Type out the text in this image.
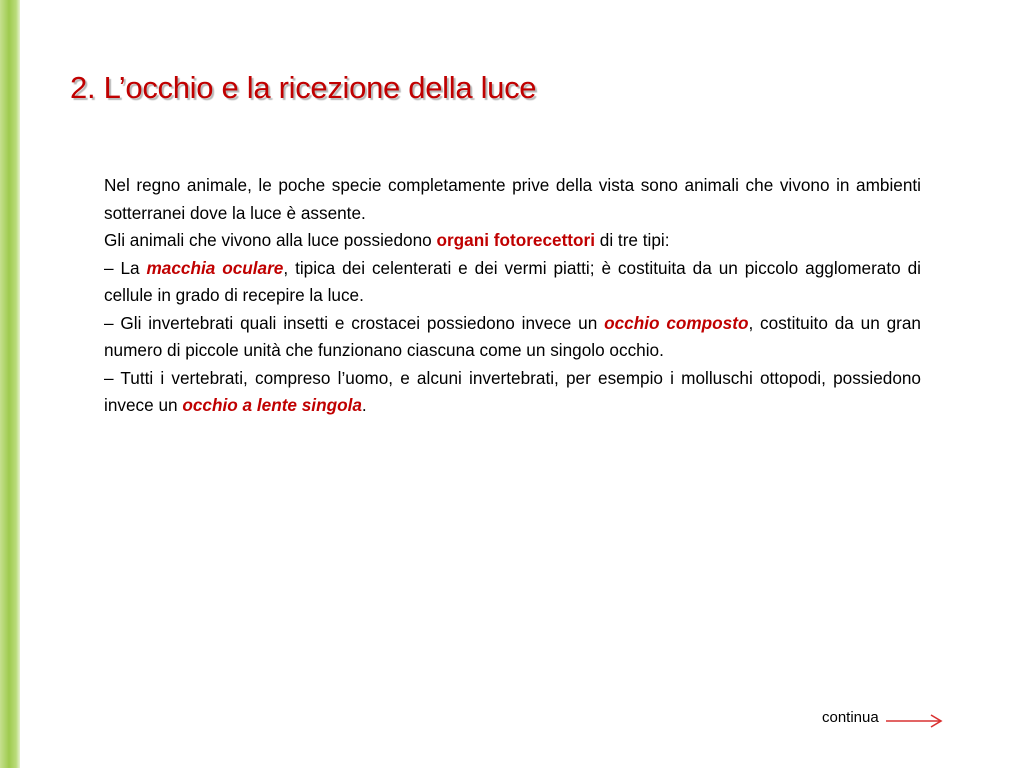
2. L’occhio e la ricezione della luce

Nel regno animale, le poche specie completamente prive della vista sono animali che vivono in ambienti sotterranei dove la luce è assente.

Gli animali che vivono alla luce possiedono organi fotorecettori di tre tipi:

– La macchia oculare, tipica dei celenterati e dei vermi piatti; è costituita da un piccolo agglomerato di cellule in grado di recepire la luce.

– Gli invertebrati quali insetti e crostacei possiedono invece un occhio composto, costituito da un gran numero di piccole unità che funzionano ciascuna come un singolo occhio.

– Tutti i vertebrati, compreso l’uomo, e alcuni invertebrati, per esempio i molluschi ottopodi, possiedono invece un occhio a lente singola.

continua
